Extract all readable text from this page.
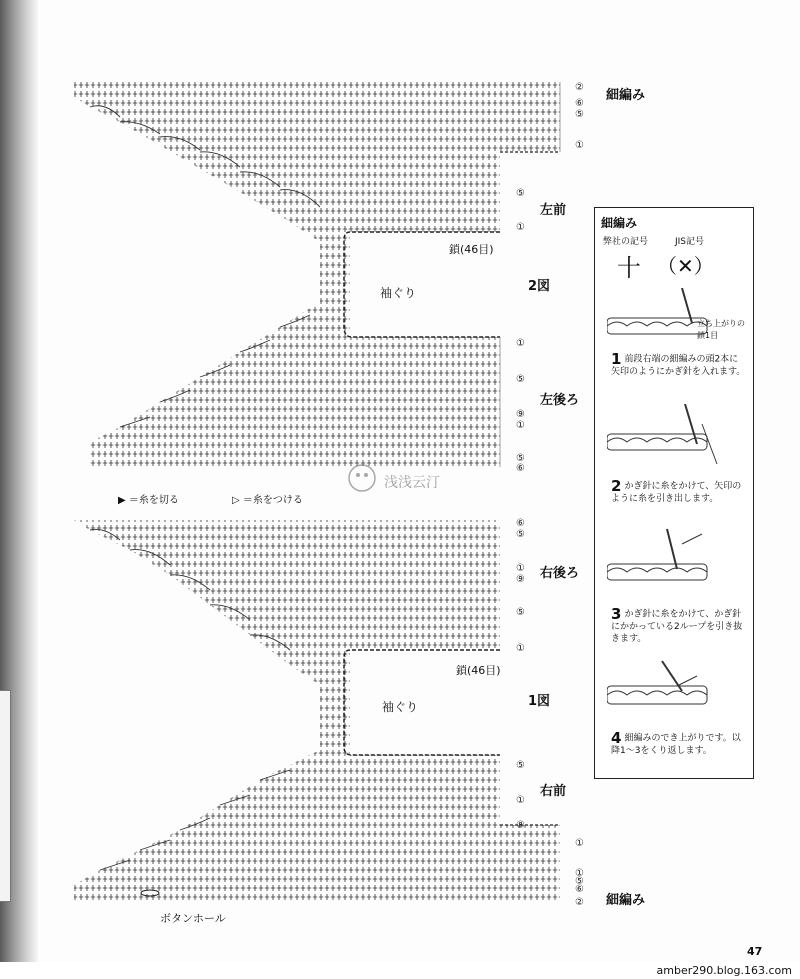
細編み
左前
鎖(46目)
袖ぐり	2図
左後ろ
②
⑥
⑤
①
⑤
①
①
⑤
⑨
①
⑤
⑥
▶ ＝糸を切る	▷ ＝糸をつける
浅浅云汀
右後ろ
鎖(46目)
袖ぐり	1図
右前
細編み
ボタンホール
⑥
⑤
①
⑨
⑤
①
⑤
①
⑧
①
①
⑤
⑥
②
細編み
弊社の記号	JIS記号
十 （✕）
立ち上がりの鎖1目
1 前段右端の細編みの頭2本に矢印のようにかぎ針を入れます。
2 かぎ針に糸をかけて、矢印のように糸を引き出します。
3 かぎ針に糸をかけて、かぎ針にかかっている2ループを引き抜きます。
4 細編みのでき上がりです。以降1〜3をくり返します。
47
amber290.blog.163.com
